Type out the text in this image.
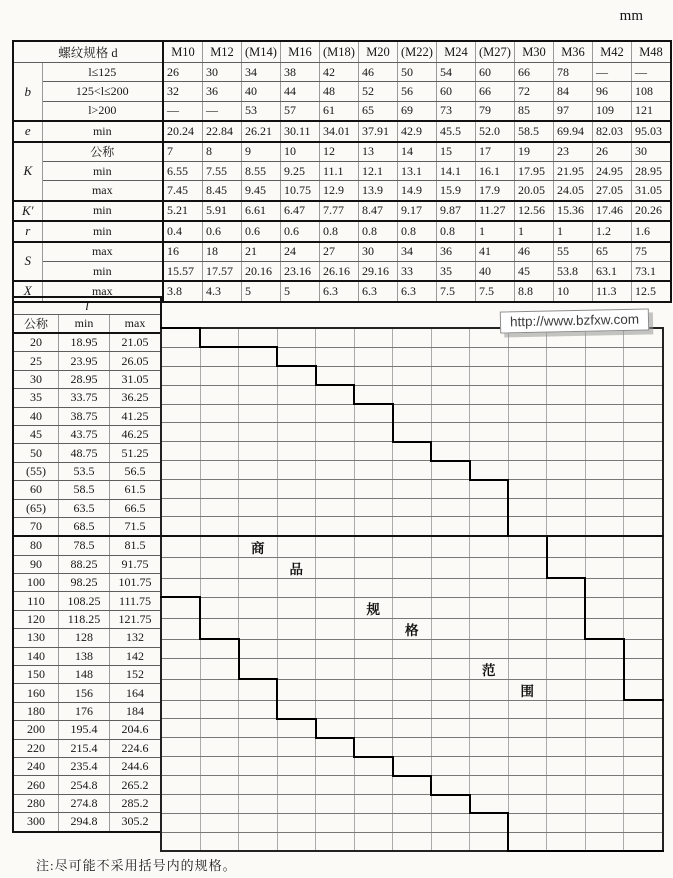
mm
螺纹规格 d		M10	M12	(M14)	M16	(M18)	M20	(M22)	M24	(M27)	M30	M36	M42	M48
b	l≤125	26	30	34	38	42	46	50	54	60	66	78	—	—
	125<l≤200	32	36	40	44	48	52	56	60	66	72	84	96	108
	l>200	—	—	53	57	61	65	69	73	79	85	97	109	121
e	min	20.24	22.84	26.21	30.11	34.01	37.91	42.9	45.5	52.0	58.5	69.94	82.03	95.03
K	公称	7	8	9	10	12	13	14	15	17	19	23	26	30
	min	6.55	7.55	8.55	9.25	11.1	12.1	13.1	14.1	16.1	17.95	21.95	24.95	28.95
	max	7.45	8.45	9.45	10.75	12.9	13.9	14.9	15.9	17.9	20.05	24.05	27.05	31.05
K′	min	5.21	5.91	6.61	6.47	7.77	8.47	9.17	9.87	11.27	12.56	15.36	17.46	20.26
r	min	0.4	0.6	0.6	0.6	0.8	0.8	0.8	0.8	1	1	1	1.2	1.6
S	max	16	18	21	24	27	30	34	36	41	46	55	65	75
	min	15.57	17.57	20.16	23.16	26.16	29.16	33	35	40	45	53.8	63.1	73.1
X	max	3.8	4.3	5	5	6.3	6.3	6.3	7.5	7.5	8.8	10	11.3	12.5
l		
公称	min	max
20	18.95	21.05
25	23.95	26.05
30	28.95	31.05
35	33.75	36.25
40	38.75	41.25
45	43.75	46.25
50	48.75	51.25
(55)	53.5	56.5
60	58.5	61.5
(65)	63.5	66.5
70	68.5	71.5
80	78.5	81.5
90	88.25	91.75
100	98.25	101.75
110	108.25	111.75
120	118.25	121.75
130	128	132
140	138	142
150	148	152
160	156	164
180	176	184
200	195.4	204.6
220	215.4	224.6
240	235.4	244.6
260	254.8	265.2
280	274.8	285.2
300	294.8	305.2

		商										
			品									

					规							
						格						

								范				
									围			

http://www.bzfxw.com
注:尽可能不采用括号内的规格。
